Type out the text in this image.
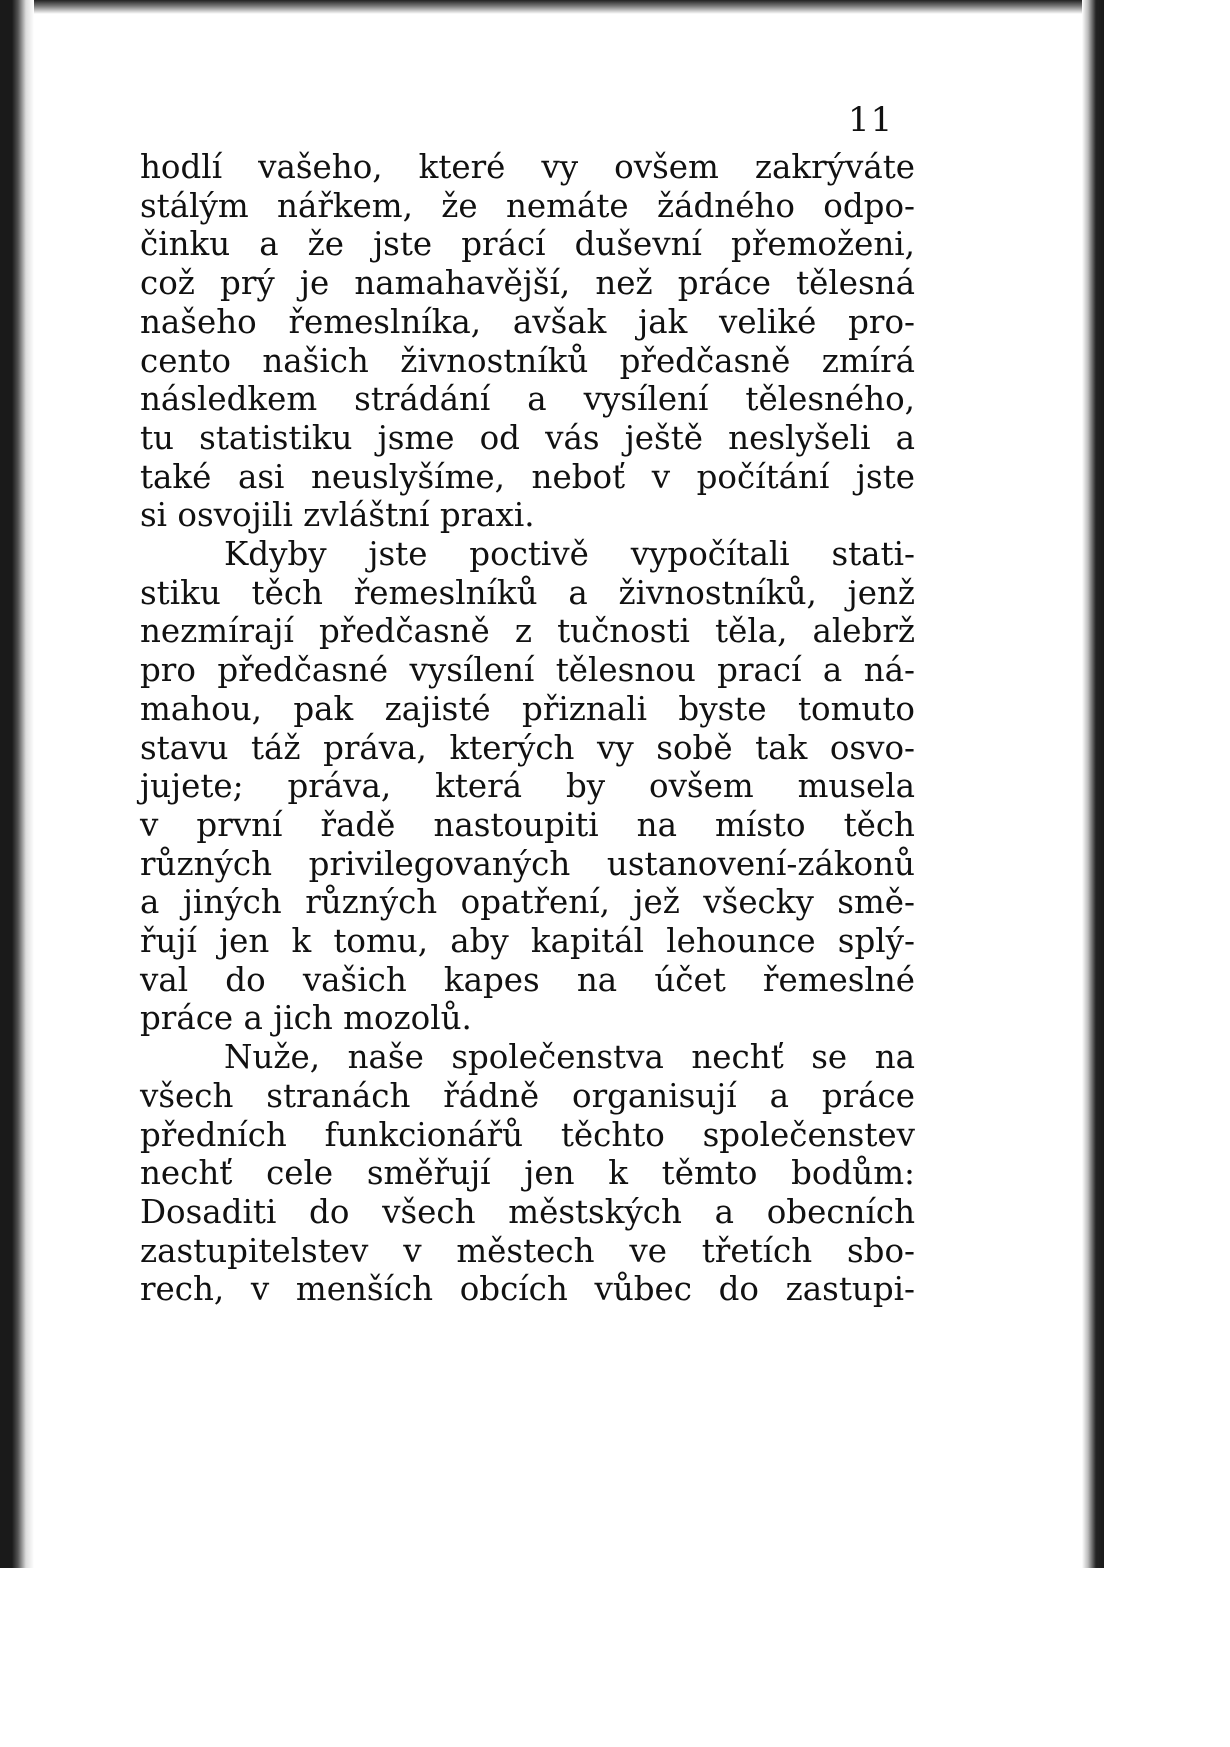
11
hodlí vašeho, které vy ovšem zakrýváte
stálým nářkem, že nemáte žádného odpo-
činku a že jste prácí duševní přemoženi,
což prý je namahavější, než práce tělesná
našeho řemeslníka, avšak jak veliké pro-
cento našich živnostníků předčasně zmírá
následkem strádání a vysílení tělesného,
tu statistiku jsme od vás ještě neslyšeli a
také asi neuslyšíme, neboť v počítání jste
si osvojili zvláštní praxi.
Kdyby jste poctivě vypočítali stati-
stiku těch řemeslníků a živnostníků, jenž
nezmírají předčasně z tučnosti těla, alebrž
pro předčasné vysílení tělesnou prací a ná-
mahou, pak zajisté přiznali byste tomuto
stavu táž práva, kterých vy sobě tak osvo-
jujete; práva, která by ovšem musela
v první řadě nastoupiti na místo těch
různých privilegovaných ustanovení-zákonů
a jiných různých opatření, jež všecky smě-
řují jen k tomu, aby kapitál lehounce splý-
val do vašich kapes na účet řemeslné
práce a jich mozolů.
Nuže, naše společenstva nechť se na
všech stranách řádně organisují a práce
předních funkcionářů těchto společenstev
nechť cele směřují jen k těmto bodům:
Dosaditi do všech městských a obecních
zastupitelstev v městech ve třetích sbo-
rech, v menších obcích vůbec do zastupi-
